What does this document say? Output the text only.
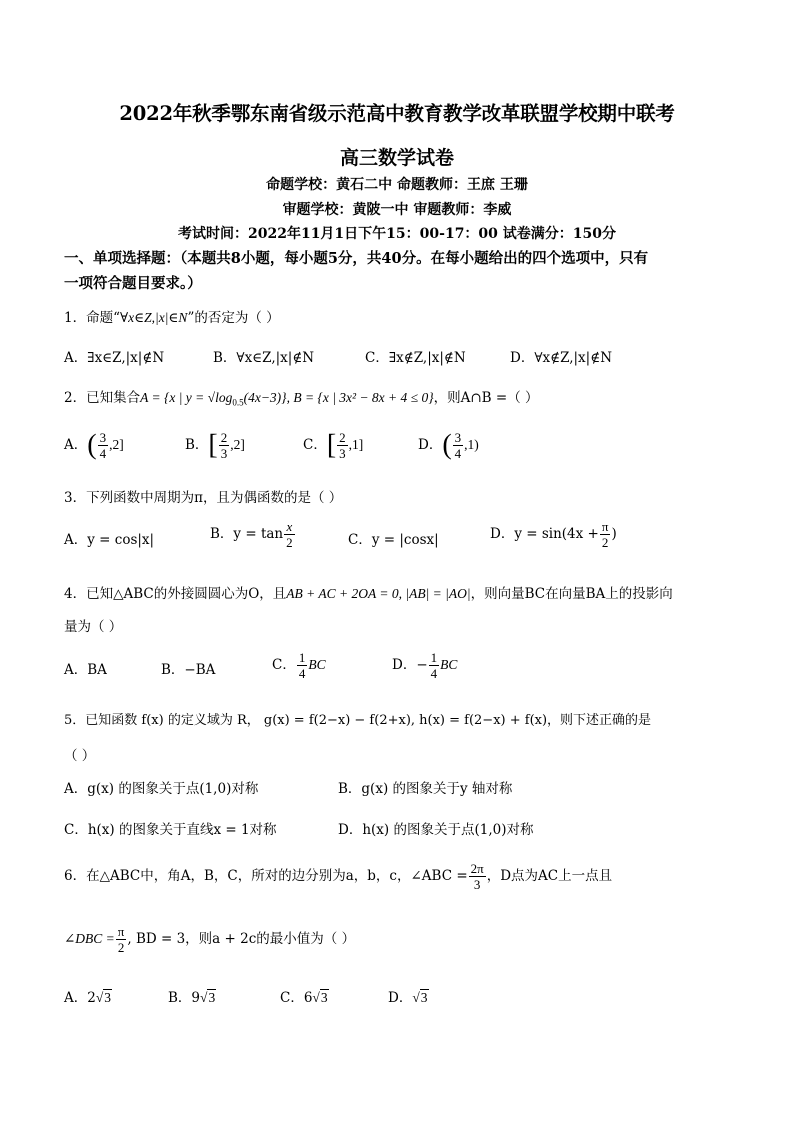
2022年秋季鄂东南省级示范高中教育教学改革联盟学校期中联考
高三数学试卷
命题学校：黄石二中 命题教师：王庶 王珊
审题学校：黄陂一中 审题教师：李威
考试时间：2022年11月1日下午15：00-17：00 试卷满分：150分
一、单项选择题：（本题共8小题，每小题5分，共40分。在每小题给出的四个选项中，只有
一项符合题目要求。）
1．命题“∀x∈Z,|x|∈N”的否定为（ ）
A．∃x∈Z,|x|∉N	B．∀x∈Z,|x|∉N	C．∃x∉Z,|x|∉N	D．∀x∉Z,|x|∉N
2．已知集合A = {x | $y = √\log_{0.5}(4x-3)$}, B = {x | 3x² − 8x + 4 ≤ 0}，则A∩B =（ ）
A．( $\frac{3}{4} ,2$]	B．[ $\frac{2}{3} ,2$]	C．[ $\frac{2}{3} ,1$]	D．( $\frac{3}{4} ,1$)
3．下列函数中周期为π，且为偶函数的是（ ）
A．y = cos|x|	B．$y = \tan \frac{x}{2}$	C．y = |cosx|	D．$y = \sin(4x + \frac{\pi}{2}$ )
4．已知△ABC的外接圆圆心为O，且AB + AC + 2OA = 0, |AB| = |AO|，则向量BC在向量BA上的投影向
量为（ ）
A．BA	B．−BA	C． $\frac{1}{4}$ BC	D．− $\frac{1}{4}$ BC
5．已知函数 f(x) 的定义域为 R， g(x) = f(2−x) − f(2+x), h(x) = f(2−x) + f(x)，则下述正确的是
（ ）
A．g(x) 的图象关于点(1,0)对称	B．g(x) 的图象关于y 轴对称
C．h(x) 的图象关于直线x = 1对称	D．h(x) 的图象关于点(1,0)对称
6．在△ABC中，角A，B，C，所对的边分别为a，b，c，∠ABC = $\frac{2\pi}{3}$ ，D点为AC上一点且
∠DBC = $\frac{\pi}{2}$ , BD = 3，则a + 2c的最小值为（ ）
A．2√3	B．9√3	C．6√3	D．√3
